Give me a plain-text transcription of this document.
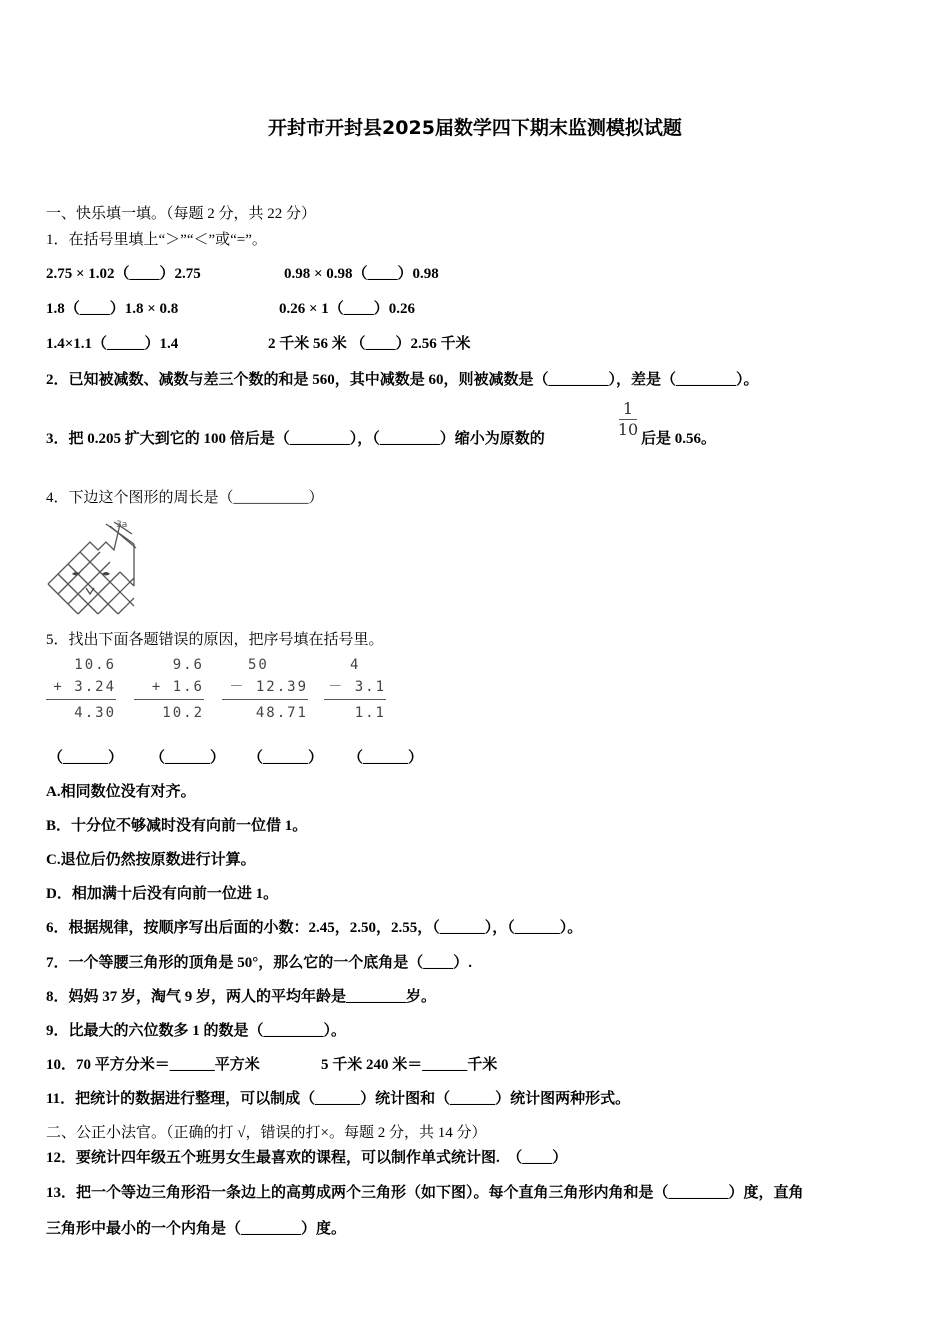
开封市开封县2025届数学四下期末监测模拟试题
一、快乐填一填。（每题 2 分，共 22 分）
1．在括号里填上“＞”“＜”或“=”。
2.75 × 1.02（____）2.75	0.98 × 0.98（____）0.98
1.8（____）1.8 × 0.8	0.26 × 1（____）0.26
1.4×1.1（_____）1.4	2 千米 56 米 （____）2.56 千米
2．已知被减数、减数与差三个数的和是 560，其中减数是 60，则被减数是（________），差是（________）。
3．把 0.205 扩大到它的 100 倍后是（________），（________）缩小为原数的
1
10 后是 0.56。
4．下边这个图形的周长是（__________）
3a
5．找出下面各题错误的原因，把序号填在括号里。
10.6
+ 3.24
4.30
9.6
+ 1.6
10.2
50
－ 12.39
48.71
4
－ 3.1
1.1
（______） （______） （______） （______）
A.相同数位没有对齐。
B．十分位不够减时没有向前一位借 1。
C.退位后仍然按原数进行计算。
D．相加满十后没有向前一位进 1。
6．根据规律，按顺序写出后面的小数：2.45，2.50，2.55，（______），（______）。
7．一个等腰三角形的顶角是 50°，那么它的一个底角是（____）.
8．妈妈 37 岁，淘气 9 岁，两人的平均年龄是________岁。
9．比最大的六位数多 1 的数是（________）。
10．70 平方分米＝______平方米	5 千米 240 米＝______千米
11．把统计的数据进行整理，可以制成（______）统计图和（______）统计图两种形式。
二、公正小法官。（正确的打 √，错误的打×。每题 2 分，共 14 分）
12．要统计四年级五个班男女生最喜欢的课程，可以制作单式统计图.　（____）
13．把一个等边三角形沿一条边上的高剪成两个三角形（如下图）。每个直角三角形内角和是（________）度，直角
三角形中最小的一个内角是（________）度。
